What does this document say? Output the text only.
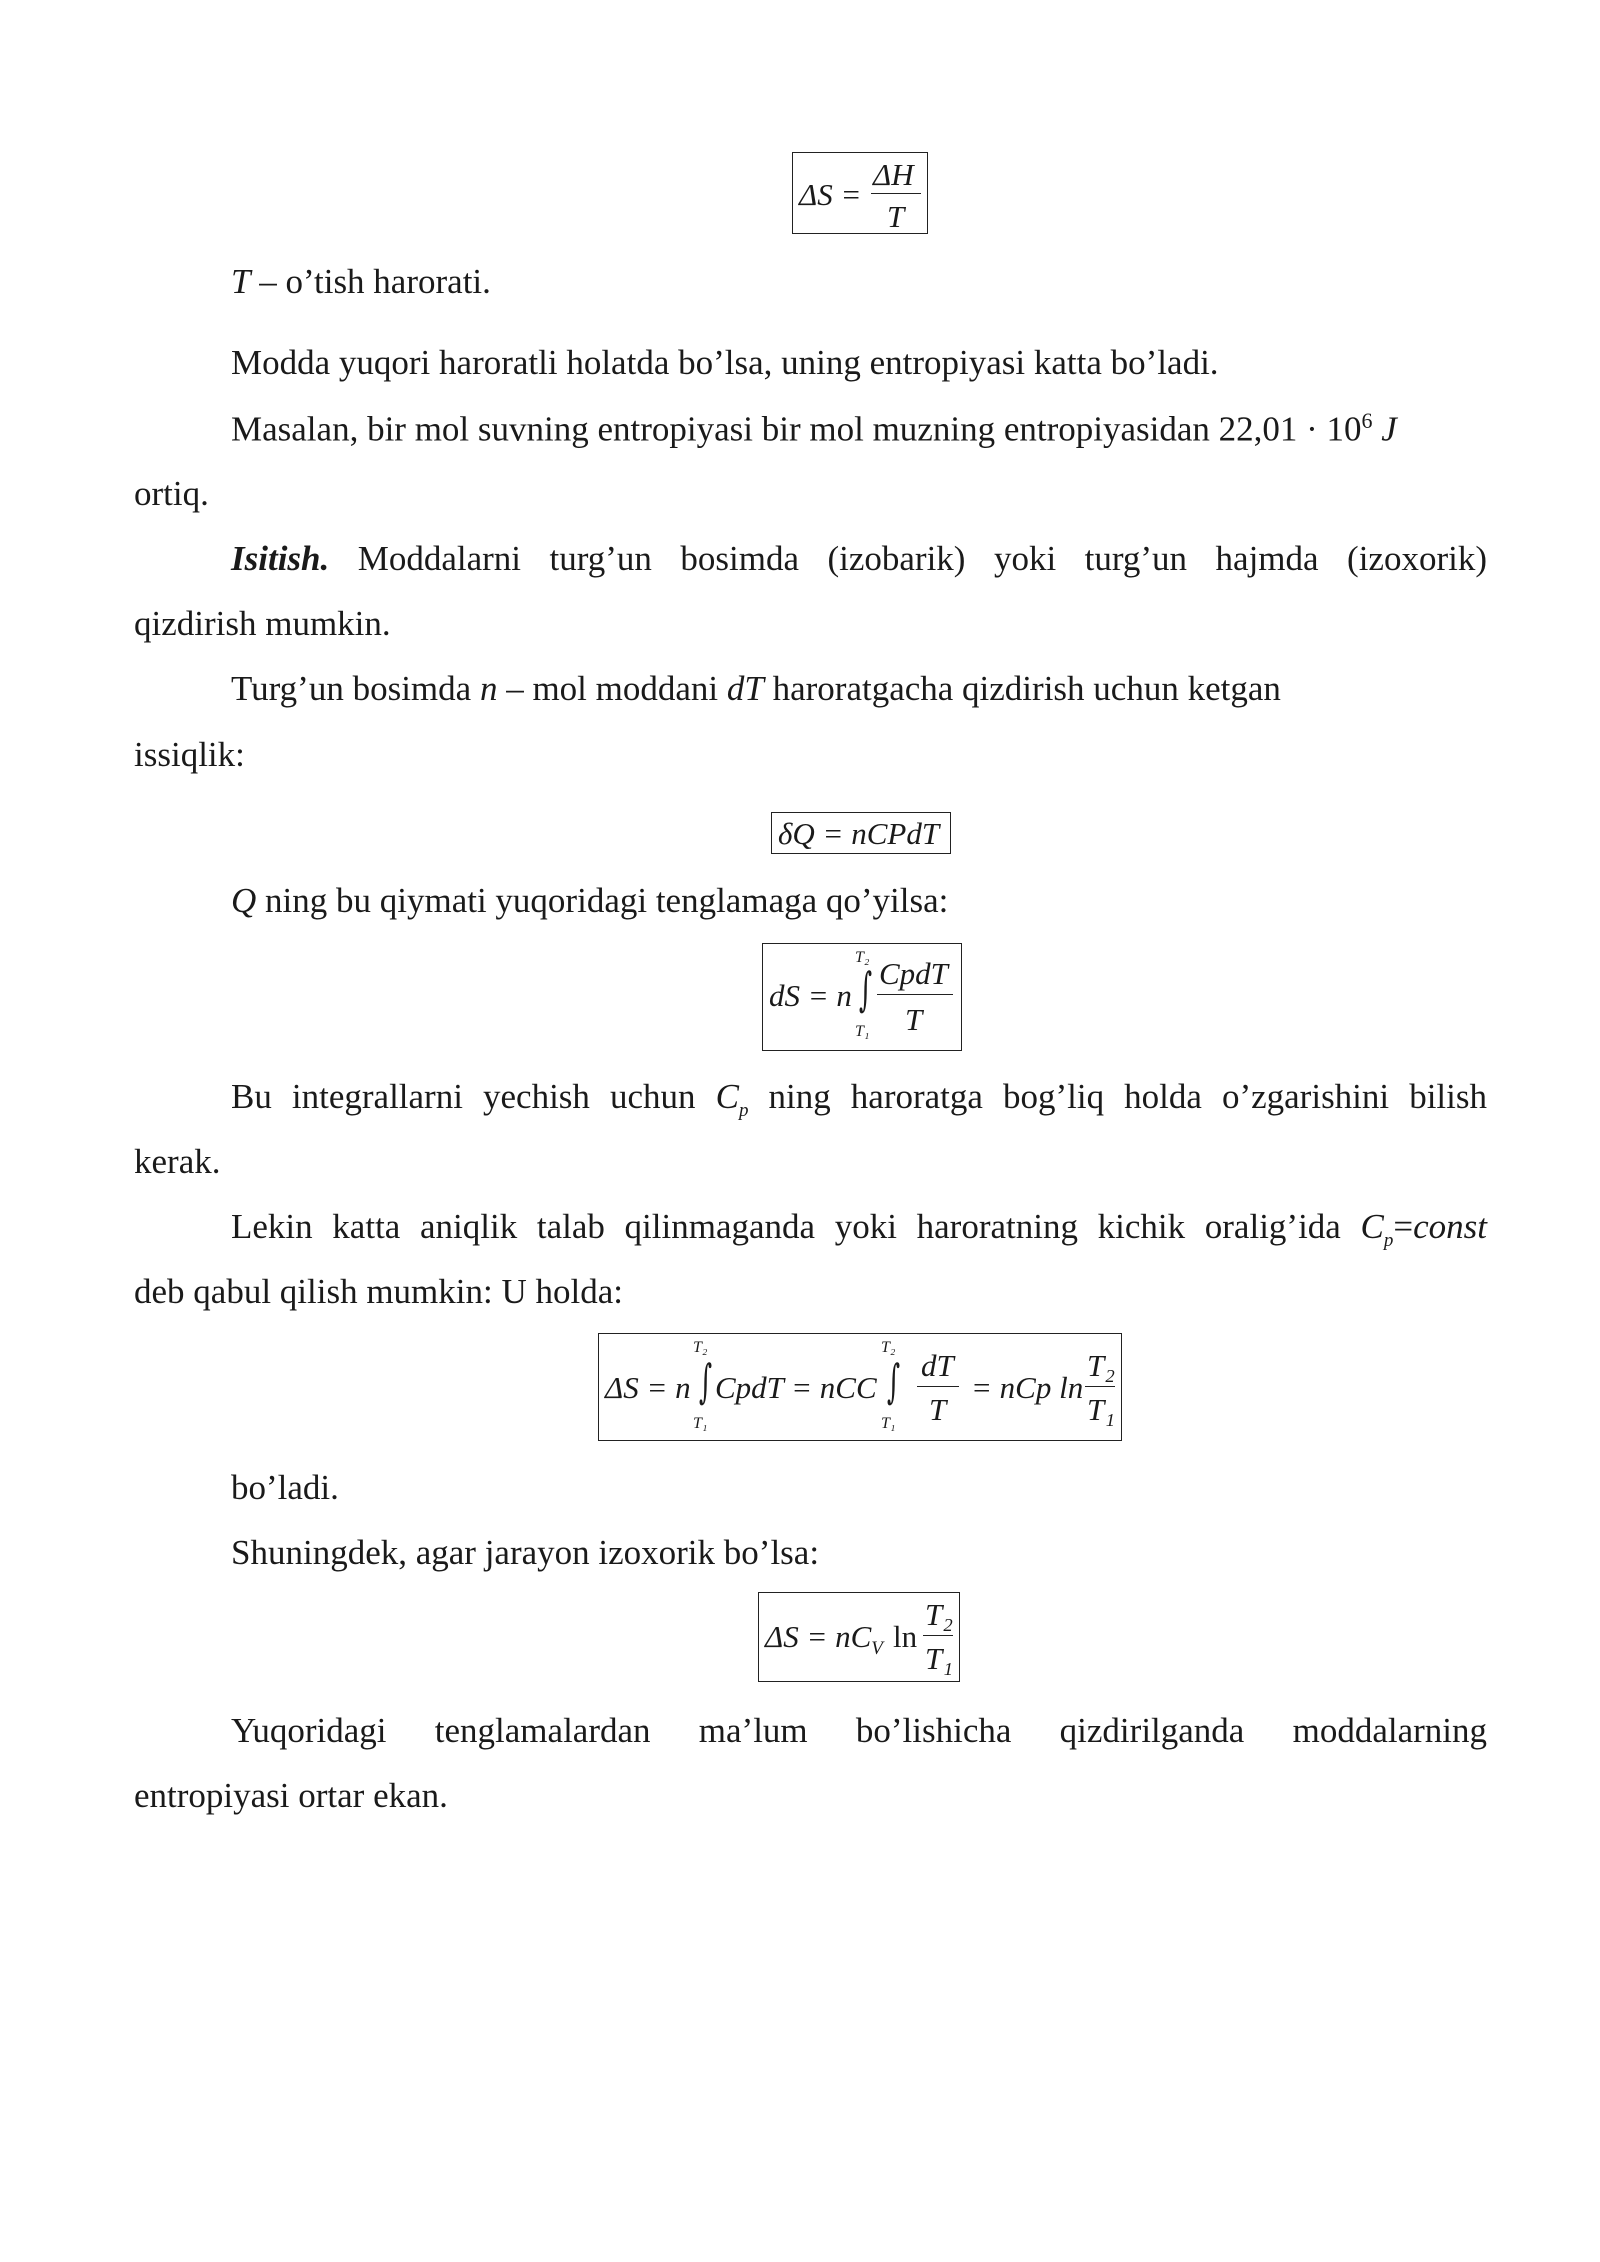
ΔS =
ΔH
T
T – o’tish harorati.
Modda yuqori haroratli holatda bo’lsa, uning entropiyasi katta bo’ladi.
Masalan, bir mol suvning entropiyasi bir mol muzning entropiyasidan $22,01 \cdot 10^6$ J
ortiq.
Isitish. Moddalarni turg’un bosimda (izobarik) yoki turg’un hajmda (izoxorik)
qizdirish mumkin.
Turg’un bosimda n – mol moddani dT haroratgacha qizdirish uchun ketgan
issiqlik:
δQ = nCPdT
Q ning bu qiymati yuqoridagi tenglamaga qo’yilsa:
dS = n
T₂
∫
T₁
CpdT
T
Bu integrallarni yechish uchun $C_p$ ning haroratga bog’liq holda o’zgarishini bilish
kerak.
Lekin katta aniqlik talab qilinmaganda yoki haroratning kichik oralig’ida $C_p=const$
deb qabul qilish mumkin: U holda:
ΔS = n
T₂
∫
T₁
CpdT = nCC
T₂
∫
T₁
dT
T
= nCp ln
T₂
T₁
bo’ladi.
Shuningdek, agar jarayon izoxorik bo’lsa:
$\Delta S = nC_V$ ln
T₂
T₁
Yuqoridagi tenglamalardan ma’lum bo’lishicha qizdirilganda moddalarning
entropiyasi ortar ekan.
